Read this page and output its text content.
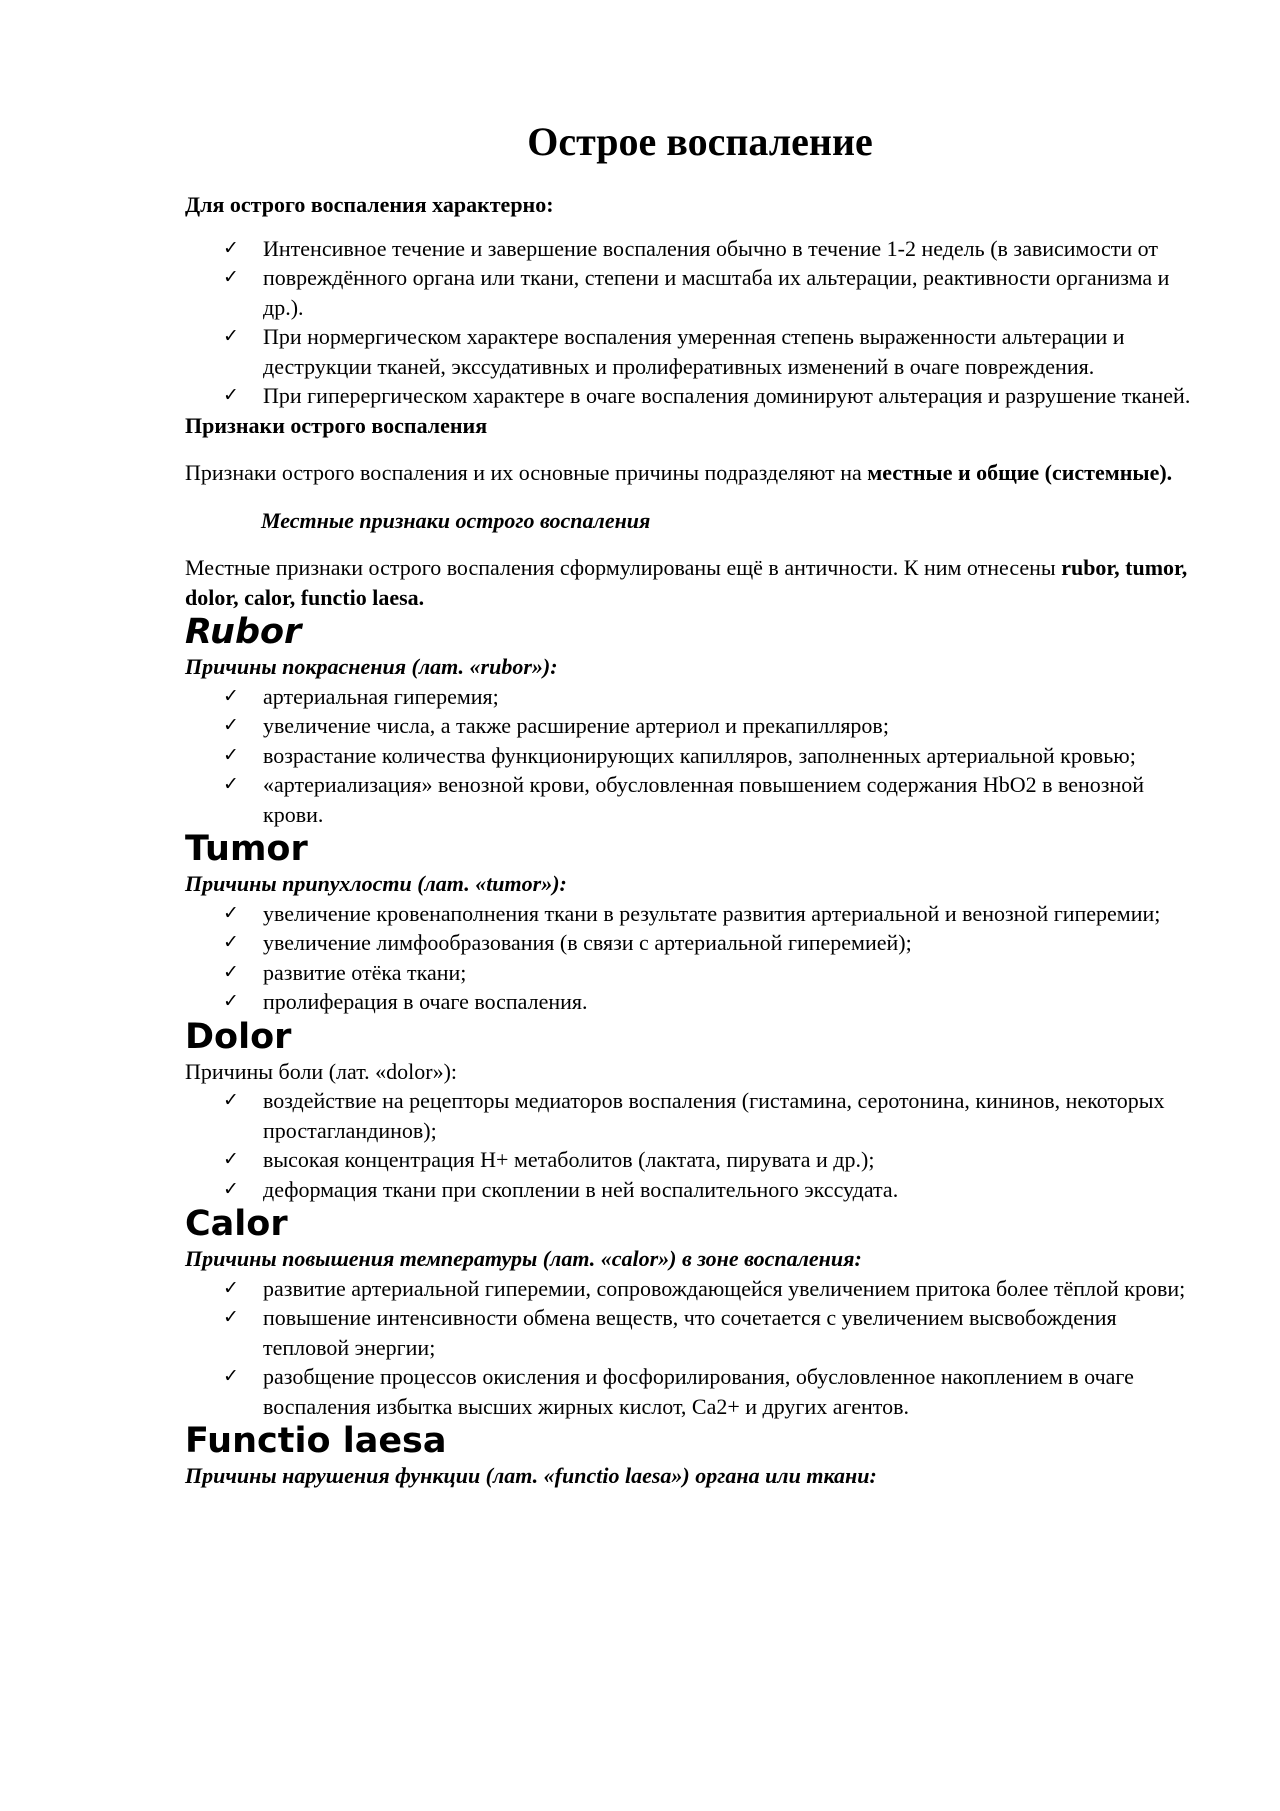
Острое воспаление

Для острого воспаления характерно:

✓ Интенсивное течение и завершение воспаления обычно в течение 1-2 недель (в зависимости от
✓ повреждённого органа или ткани, степени и масштаба их альтерации, реактивности организма и др.).
✓ При нормергическом характере воспаления умеренная степень выраженности альтерации и деструкции тканей, экссудативных и пролиферативных изменений в очаге повреждения.
✓ При гиперергическом характере в очаге воспаления доминируют альтерация и разрушение тканей.

Признаки острого воспаления

Признаки острого воспаления и их основные причины подразделяют на местные и общие (системные).

Местные признаки острого воспаления

Местные признаки острого воспаления сформулированы ещё в античности. К ним отнесены rubor, tumor, dolor, calor, functio laesa.

Rubor

Причины покраснения (лат. «rubor»):

✓ артериальная гиперемия;
✓ увеличение числа, а также расширение артериол и прекапилляров;
✓ возрастание количества функционирующих капилляров, заполненных артериальной кровью;
✓ «артериализация» венозной крови, обусловленная повышением содержания HbO2 в венозной крови.
Tumor

Причины припухлости (лат. «tumor»):

✓ увеличение кровенаполнения ткани в результате развития артериальной и венозной гиперемии;
✓ увеличение лимфообразования (в связи с артериальной гиперемией);
✓ развитие отёка ткани;
✓ пролиферация в очаге воспаления.
Dolor

Причины боли (лат. «dolor»):

✓ воздействие на рецепторы медиаторов воспаления (гистамина, серотонина, кининов, некоторых простагландинов);
✓ высокая концентрация Н+ метаболитов (лактата, пирувата и др.);
✓ деформация ткани при скоплении в ней воспалительного экссудата.
Calor

Причины повышения температуры (лат. «calor») в зоне воспаления:

✓ развитие артериальной гиперемии, сопровождающейся увеличением притока более тёплой крови;
✓ повышение интенсивности обмена веществ, что сочетается с увеличением высвобождения тепловой энергии;
✓ разобщение процессов окисления и фосфорилирования, обусловленное накоплением в очаге воспаления избытка высших жирных кислот, Са2+ и других агентов.
Functio laesa

Причины нарушения функции (лат. «functio laesa») органа или ткани:
